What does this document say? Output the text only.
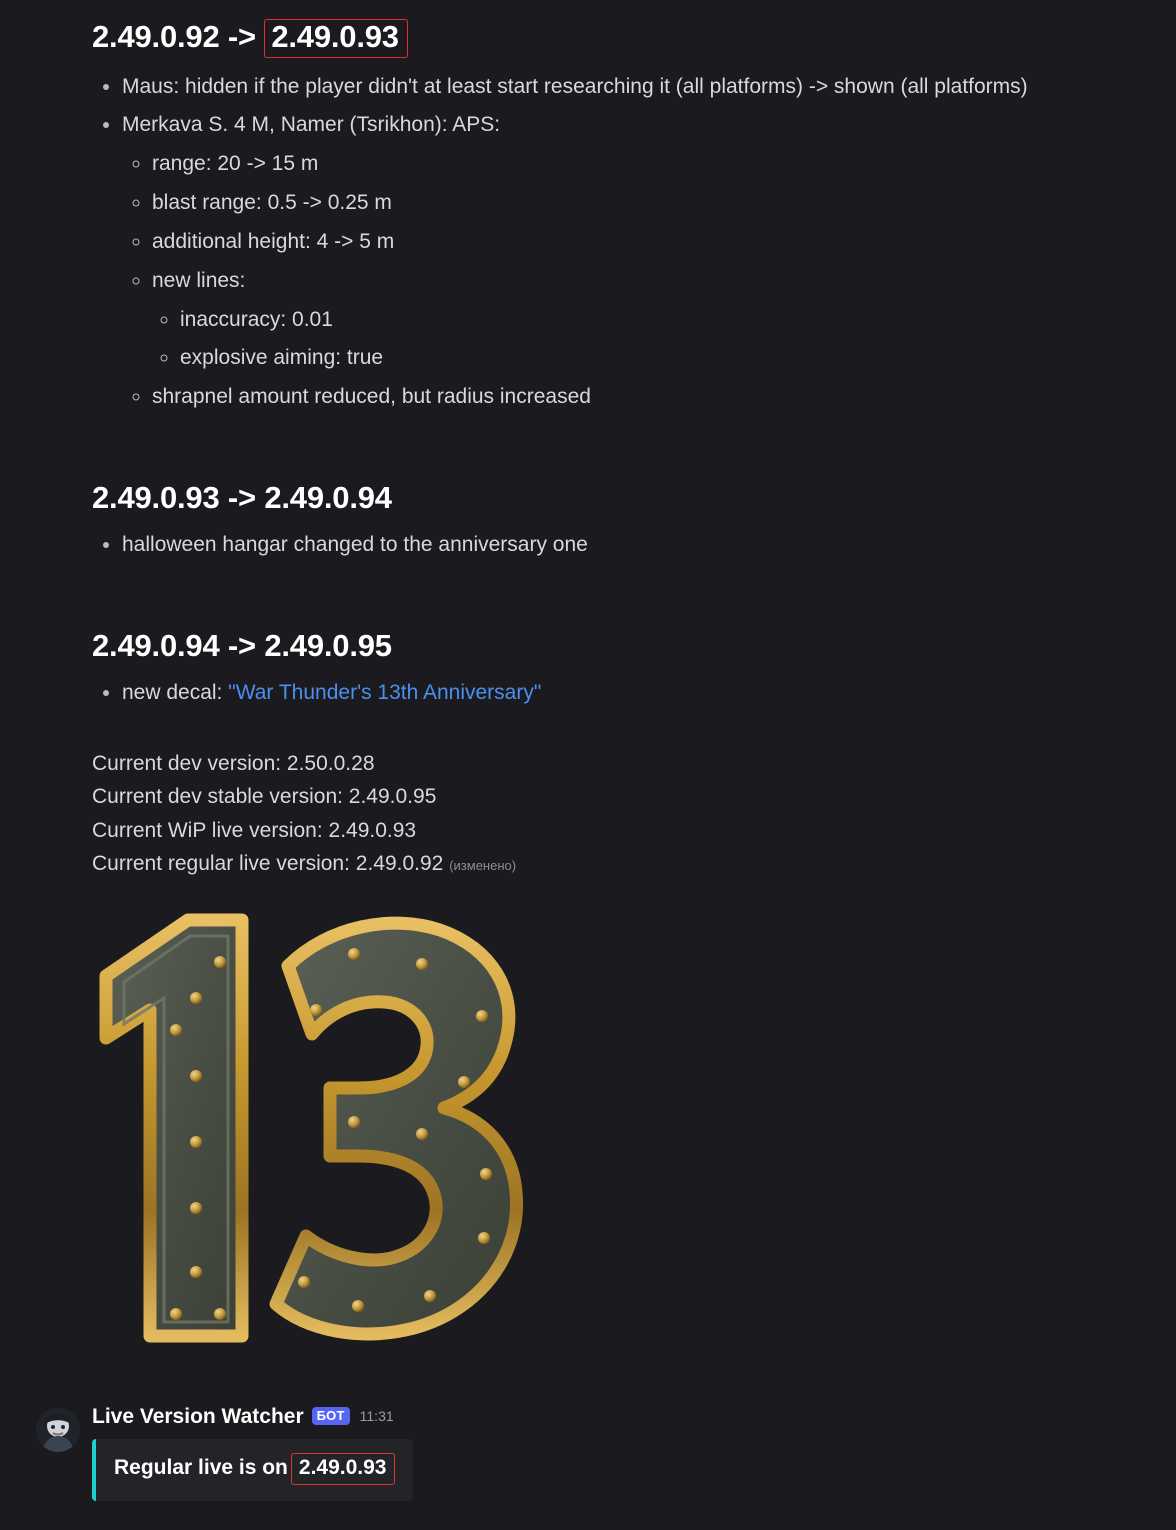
2.49.0.92 -> 2.49.0.93
• Maus: hidden if the player didn't at least start researching it (all platforms) -> shown (all platforms)
• Merkava S. 4 M, Namer (Tsrikhon): APS:
◦ range: 20 -> 15 m
◦ blast range: 0.5 -> 0.25 m
◦ additional height: 4 -> 5 m
◦ new lines:
◦ inaccuracy: 0.01
◦ explosive aiming: true
◦ shrapnel amount reduced, but radius increased
2.49.0.93 -> 2.49.0.94
• halloween hangar changed to the anniversary one
2.49.0.94 -> 2.49.0.95
• new decal: "War Thunder's 13th Anniversary"
Current dev version: 2.50.0.28
Current dev stable version: 2.49.0.95
Current WiP live version: 2.49.0.93
Current regular live version: 2.49.0.92 (изменено)
Live Version Watcher	БОТ	11:31
Regular live is on 2.49.0.93
